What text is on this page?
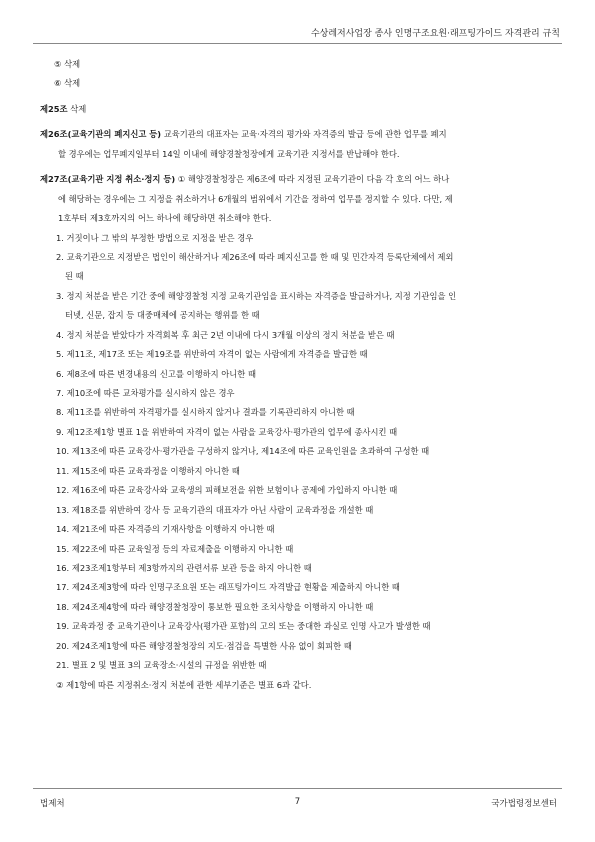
수상레저사업장 종사 인명구조요원·래프팅가이드 자격관리 규칙
⑤ 삭제
⑥ 삭제
제25조 삭제
제26조(교육기관의 폐지신고 등) 교육기관의 대표자는 교육·자격의 평가와 자격증의 발급 등에 관한 업무를 폐지
할 경우에는 업무폐지일부터 14일 이내에 해양경찰청장에게 교육기관 지정서를 반납해야 한다.
제27조(교육기관 지정 취소·정지 등) ① 해양경찰청장은 제6조에 따라 지정된 교육기관이 다음 각 호의 어느 하나
에 해당하는 경우에는 그 지정을 취소하거나 6개월의 범위에서 기간을 정하여 업무를 정지할 수 있다. 다만, 제
1호부터 제3호까지의 어느 하나에 해당하면 취소해야 한다.
1. 거짓이나 그 밖의 부정한 방법으로 지정을 받은 경우
2. 교육기관으로 지정받은 법인이 해산하거나 제26조에 따라 폐지신고를 한 때 및 민간자격 등록단체에서 제외
된 때
3. 정지 처분을 받은 기간 중에 해양경찰청 지정 교육기관임을 표시하는 자격증을 발급하거나, 지정 기관임을 인
터넷, 신문, 잡지 등 대중매체에 공지하는 행위를 한 때
4. 정지 처분을 받았다가 자격회복 후 최근 2년 이내에 다시 3개월 이상의 정지 처분을 받은 때
5. 제11조, 제17조 또는 제19조를 위반하여 자격이 없는 사람에게 자격증을 발급한 때
6. 제8조에 따른 변경내용의 신고를 이행하지 아니한 때
7. 제10조에 따른 교차평가를 실시하지 않은 경우
8. 제11조를 위반하여 자격평가를 실시하지 않거나 결과를 기록관리하지 아니한 때
9. 제12조제1항 별표 1을 위반하여 자격이 없는 사람을 교육강사·평가관의 업무에 종사시킨 때
10. 제13조에 따른 교육강사·평가관을 구성하지 않거나, 제14조에 따른 교육인원을 초과하여 구성한 때
11. 제15조에 따른 교육과정을 이행하지 아니한 때
12. 제16조에 따른 교육강사와 교육생의 피해보전을 위한 보험이나 공제에 가입하지 아니한 때
13. 제18조를 위반하여 강사 등 교육기관의 대표자가 아닌 사람이 교육과정을 개설한 때
14. 제21조에 따른 자격증의 기재사항을 이행하지 아니한 때
15. 제22조에 따른 교육일정 등의 자료제출을 이행하지 아니한 때
16. 제23조제1항부터 제3항까지의 관련서류 보관 등을 하지 아니한 때
17. 제24조제3항에 따라 인명구조요원 또는 래프팅가이드 자격발급 현황을 제출하지 아니한 때
18. 제24조제4항에 따라 해양경찰청장이 통보한 필요한 조치사항을 이행하지 아니한 때
19. 교육과정 중 교육기관이나 교육강사(평가관 포함)의 고의 또는 중대한 과실로 인명 사고가 발생한 때
20. 제24조제1항에 따른 해양경찰청장의 지도·점검을 특별한 사유 없이 회피한 때
21. 별표 2 및 별표 3의 교육장소·시설의 규정을 위반한 때
② 제1항에 따른 지정취소·정지 처분에 관한 세부기준은 별표 6과 같다.
법제처	7	국가법령정보센터
